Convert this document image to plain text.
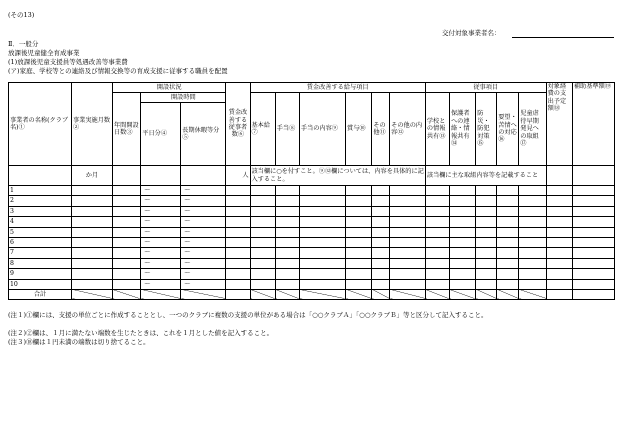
(その13)
交付対象事業者名：
Ⅱ．一般分
放課後児童健全育成事業
(1)放課後児童支援員等処遇改善等事業費
(ア)家庭、学校等との連絡及び情報交換等の育成支援に従事する職員を配置
事業者の名称(クラブ名)①	事業実施月数②	開設状況			賃金改善する従事者数⑥	賃金改善する給与項目						従事項目					対象経費の支出予定額⑱	補助基準額⑲
		年間開設日数③	開設時間			基本給⑦	手当⑧	手当の内容⑨	賞与⑩	その他⑪	その他の内容⑫	学校との情報共有⑬	保護者への連絡・情報共有⑭	防災・防犯対策⑮	要望・苦情への対応⑯	児童虐待早期発見への取組⑰		
			平日分④	長期休暇等分⑤														
	か月				人	該当欄に○を付すこと。⑨⑫欄については、内容を具体的に記入すること。						該当欄に主な取組内容等を記載すること						
1			～	～														
2			～	～														
3			～	～														
4			～	～														
5			～	～														
6			～	～														
7			～	～														
8			～	～														
9			～	～														
10			～	～														
合計																		
(注１)①欄には、支援の単位ごとに作成することとし、一つのクラブに複数の支援の単位がある場合は「○○クラブＡ」「○○クラブＢ」等と区分して記入すること。
(注２)②欄は、１月に満たない端数を生じたときは、これを１月とした値を記入すること。
(注３)⑱欄は１円未満の端数は切り捨てること。
